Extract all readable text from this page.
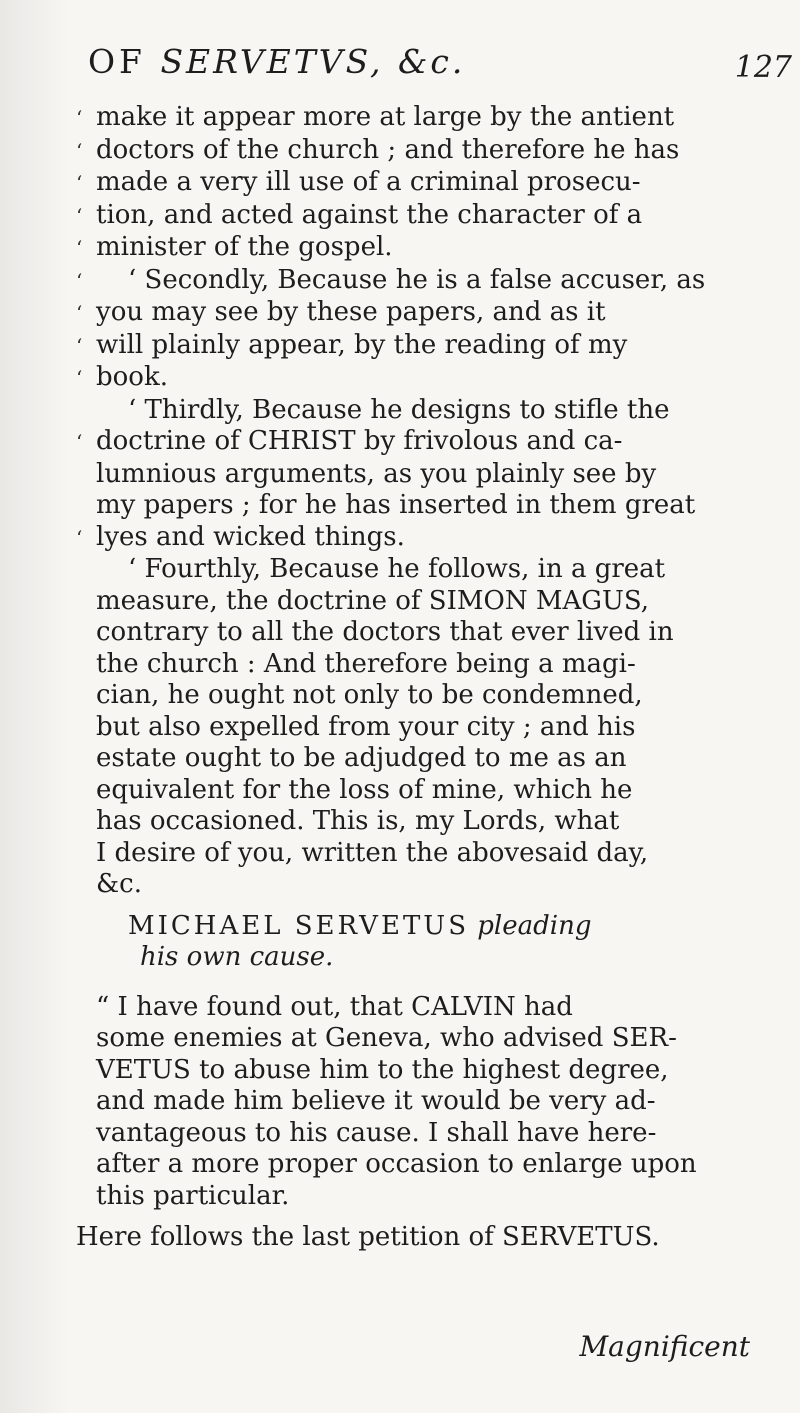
OF SERVETVS, &c.	127
‘ make it appear more at large by the antient
‘ doctors of the church ; and therefore he has
‘ made a very ill use of a criminal prosecu-
‘ tion, and acted against the character of a
‘ minister of the gospel.
‘	‘ Secondly, Because he is a false accuser, as
‘ you may see by these papers, and as it
‘ will plainly appear, by the reading of my
‘ book.
‘ Thirdly, Because he designs to stifle the
‘ doctrine of CHRIST by frivolous and ca-
lumnious arguments, as you plainly see by
my papers ; for he has inserted in them great
‘ lyes and wicked things.
‘ Fourthly, Because he follows, in a great
measure, the doctrine of SIMON MAGUS,
contrary to all the doctors that ever lived in
the church : And therefore being a magi-
cian, he ought not only to be condemned,
but also expelled from your city ; and his
estate ought to be adjudged to me as an
equivalent for the loss of mine, which he
has occasioned. This is, my Lords, what
I desire of you, written the abovesaid day,
&c.
MICHAEL SERVETUS
pleading
his own cause.
“ I have found out, that CALVIN had
some enemies at Geneva, who advised SER-
VETUS to abuse him to the highest degree,
and made him believe it would be very ad-
vantageous to his cause. I shall have here-
after a more proper occasion to enlarge upon
this particular.
Here follows the last petition of SERVETUS.
Magnificent
